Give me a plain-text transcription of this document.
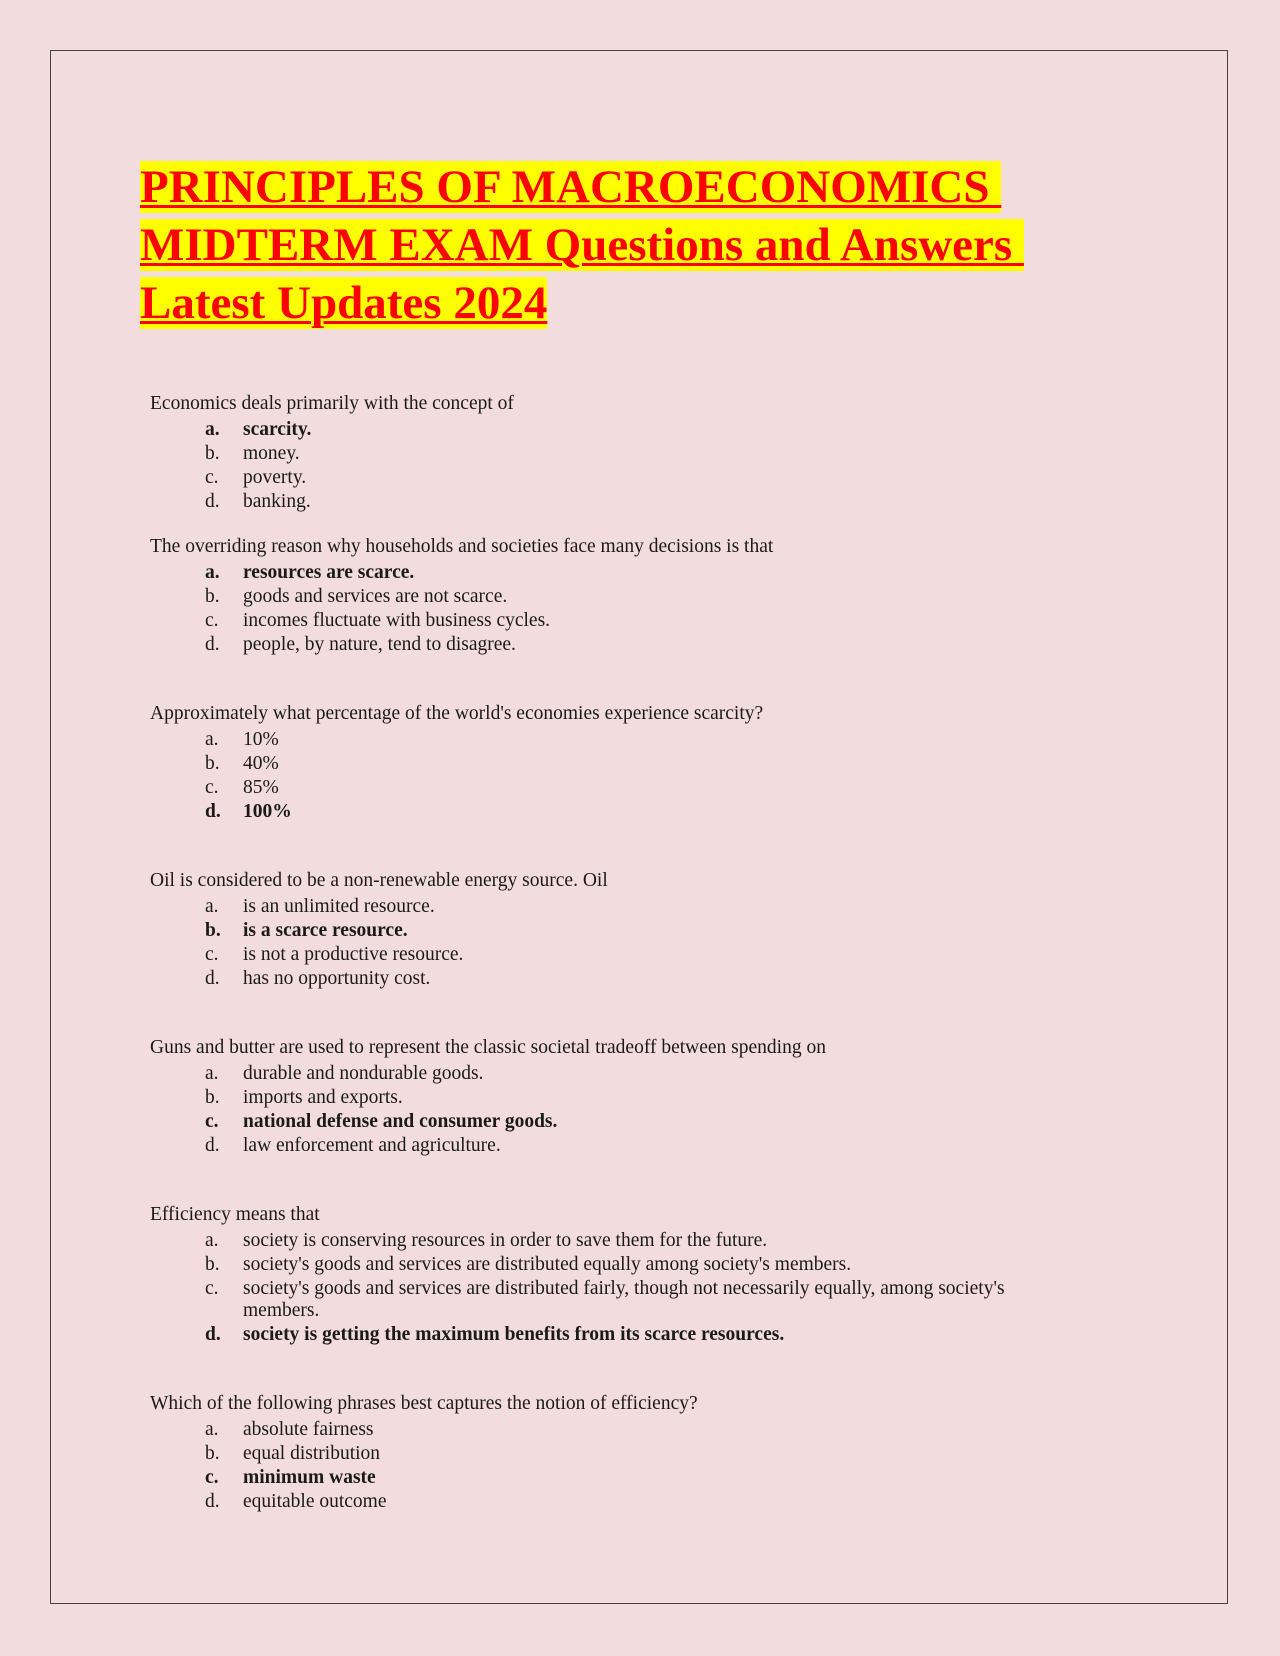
PRINCIPLES OF MACROECONOMICS
MIDTERM EXAM Questions and Answers
Latest Updates 2024

Economics deals primarily with the concept of

a.	scarcity.
b.	money.
c.	poverty.
d.	banking.

The overriding reason why households and societies face many decisions is that

a.	resources are scarce.
b.	goods and services are not scarce.
c.	incomes fluctuate with business cycles.
d.	people, by nature, tend to disagree.

Approximately what percentage of the world's economies experience scarcity?

a.	10%
b.	40%
c.	85%
d.	100%

Oil is considered to be a non-renewable energy source. Oil

a.	is an unlimited resource.
b.	is a scarce resource.
c.	is not a productive resource.
d.	has no opportunity cost.

Guns and butter are used to represent the classic societal tradeoff between spending on

a.	durable and nondurable goods.
b.	imports and exports.
c.	national defense and consumer goods.
d.	law enforcement and agriculture.

Efficiency means that

a.	society is conserving resources in order to save them for the future.
b.	society's goods and services are distributed equally among society's members.
c.	society's goods and services are distributed fairly, though not necessarily equally, among society's members.
d.	society is getting the maximum benefits from its scarce resources.

Which of the following phrases best captures the notion of efficiency?

a.	absolute fairness
b.	equal distribution
c.	minimum waste
d.	equitable outcome
